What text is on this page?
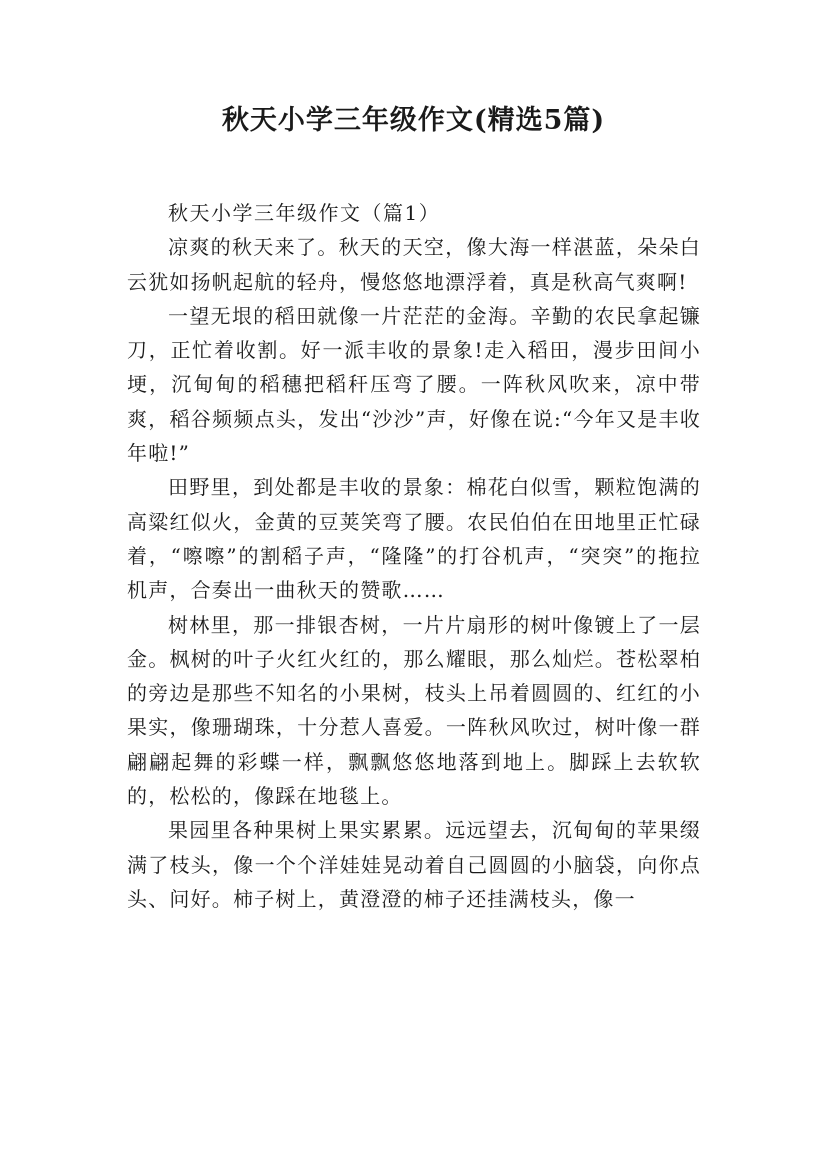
秋天小学三年级作文(精选5篇)

秋天小学三年级作文（篇1）

凉爽的秋天来了。秋天的天空，像大海一样湛蓝，朵朵白云犹如扬帆起航的轻舟，慢悠悠地漂浮着，真是秋高气爽啊!

一望无垠的稻田就像一片茫茫的金海。辛勤的农民拿起镰刀，正忙着收割。好一派丰收的景象!走入稻田，漫步田间小埂，沉甸甸的稻穗把稻秆压弯了腰。一阵秋风吹来，凉中带爽，稻谷频频点头，发出“沙沙”声，好像在说:“今年又是丰收年啦!”

田野里，到处都是丰收的景象：棉花白似雪，颗粒饱满的高粱红似火，金黄的豆荚笑弯了腰。农民伯伯在田地里正忙碌着，“嚓嚓”的割稻子声，“隆隆”的打谷机声，“突突”的拖拉机声，合奏出一曲秋天的赞歌……

树林里，那一排银杏树，一片片扇形的树叶像镀上了一层金。枫树的叶子火红火红的，那么耀眼，那么灿烂。苍松翠柏的旁边是那些不知名的小果树，枝头上吊着圆圆的、红红的小果实，像珊瑚珠，十分惹人喜爱。一阵秋风吹过，树叶像一群翩翩起舞的彩蝶一样，飘飘悠悠地落到地上。脚踩上去软软的，松松的，像踩在地毯上。

果园里各种果树上果实累累。远远望去，沉甸甸的苹果缀满了枝头，像一个个洋娃娃晃动着自己圆圆的小脑袋，向你点头、问好。柿子树上，黄澄澄的柿子还挂满枝头，像一
